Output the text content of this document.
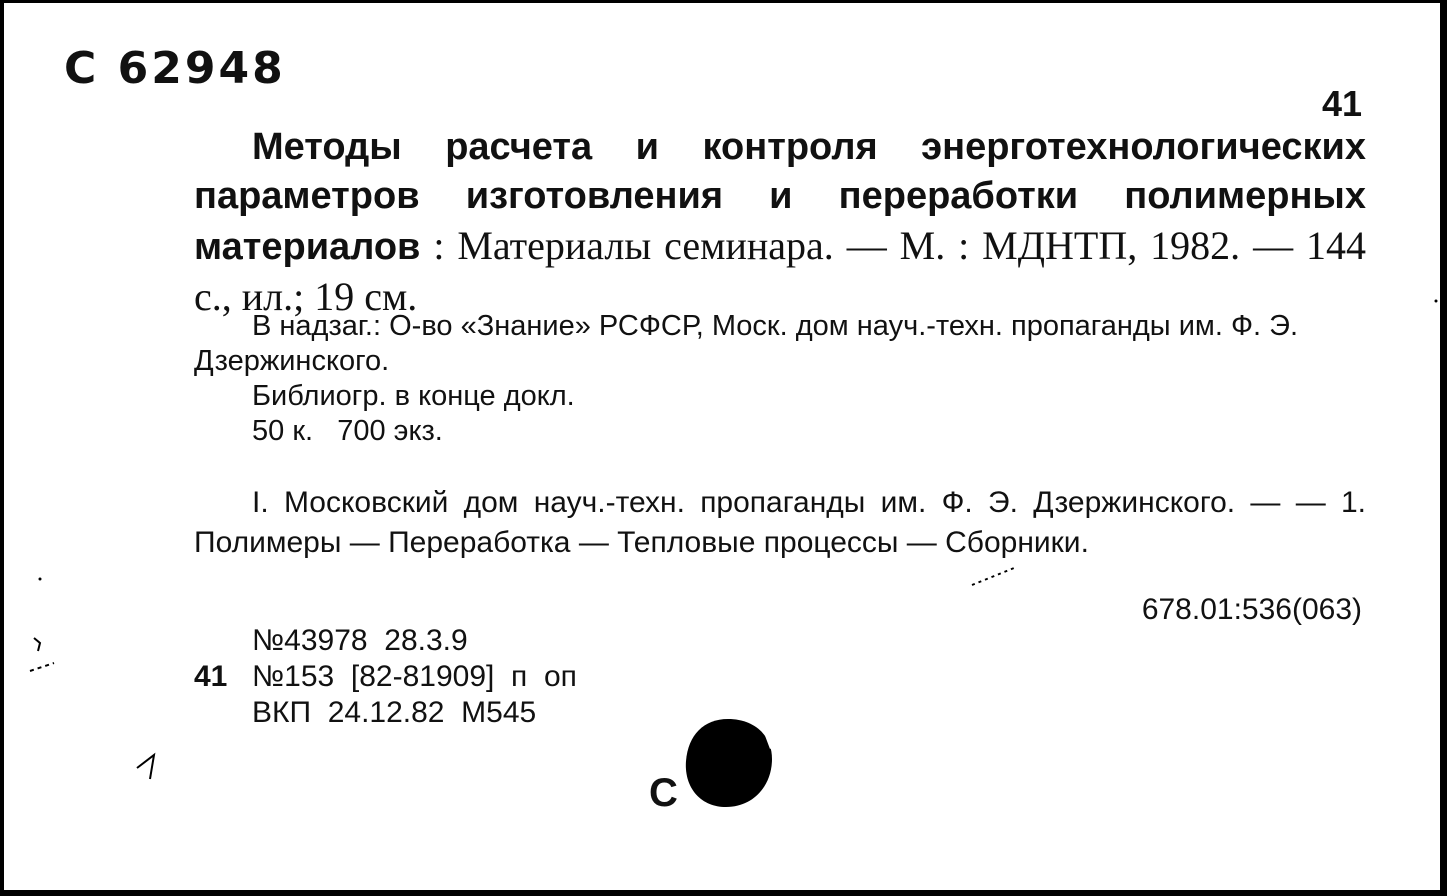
С 62948
41
Методы расчета и контроля энерготехнологических параметров изготовления и переработки полимерных материалов : Материалы семинара. — М. : МДНТП, 1982. — 144 с., ил.; 19 см.

В надзаг.: О-во «Знание» РСФСР, Моск. дом науч.-техн. пропаганды им. Ф. Э. Дзержинского.

Библиогр. в конце докл.

50 к.   700 экз.

I. Московский дом науч.-техн. пропаганды им. Ф. Э. Дзержинского. — — 1. Полимеры — Переработка — Тепловые процессы — Сборники.
678.01:536(063)
№43978  28.3.9
41 №153  [82-81909]  п  оп
ВКП  24.12.82  М545
С
